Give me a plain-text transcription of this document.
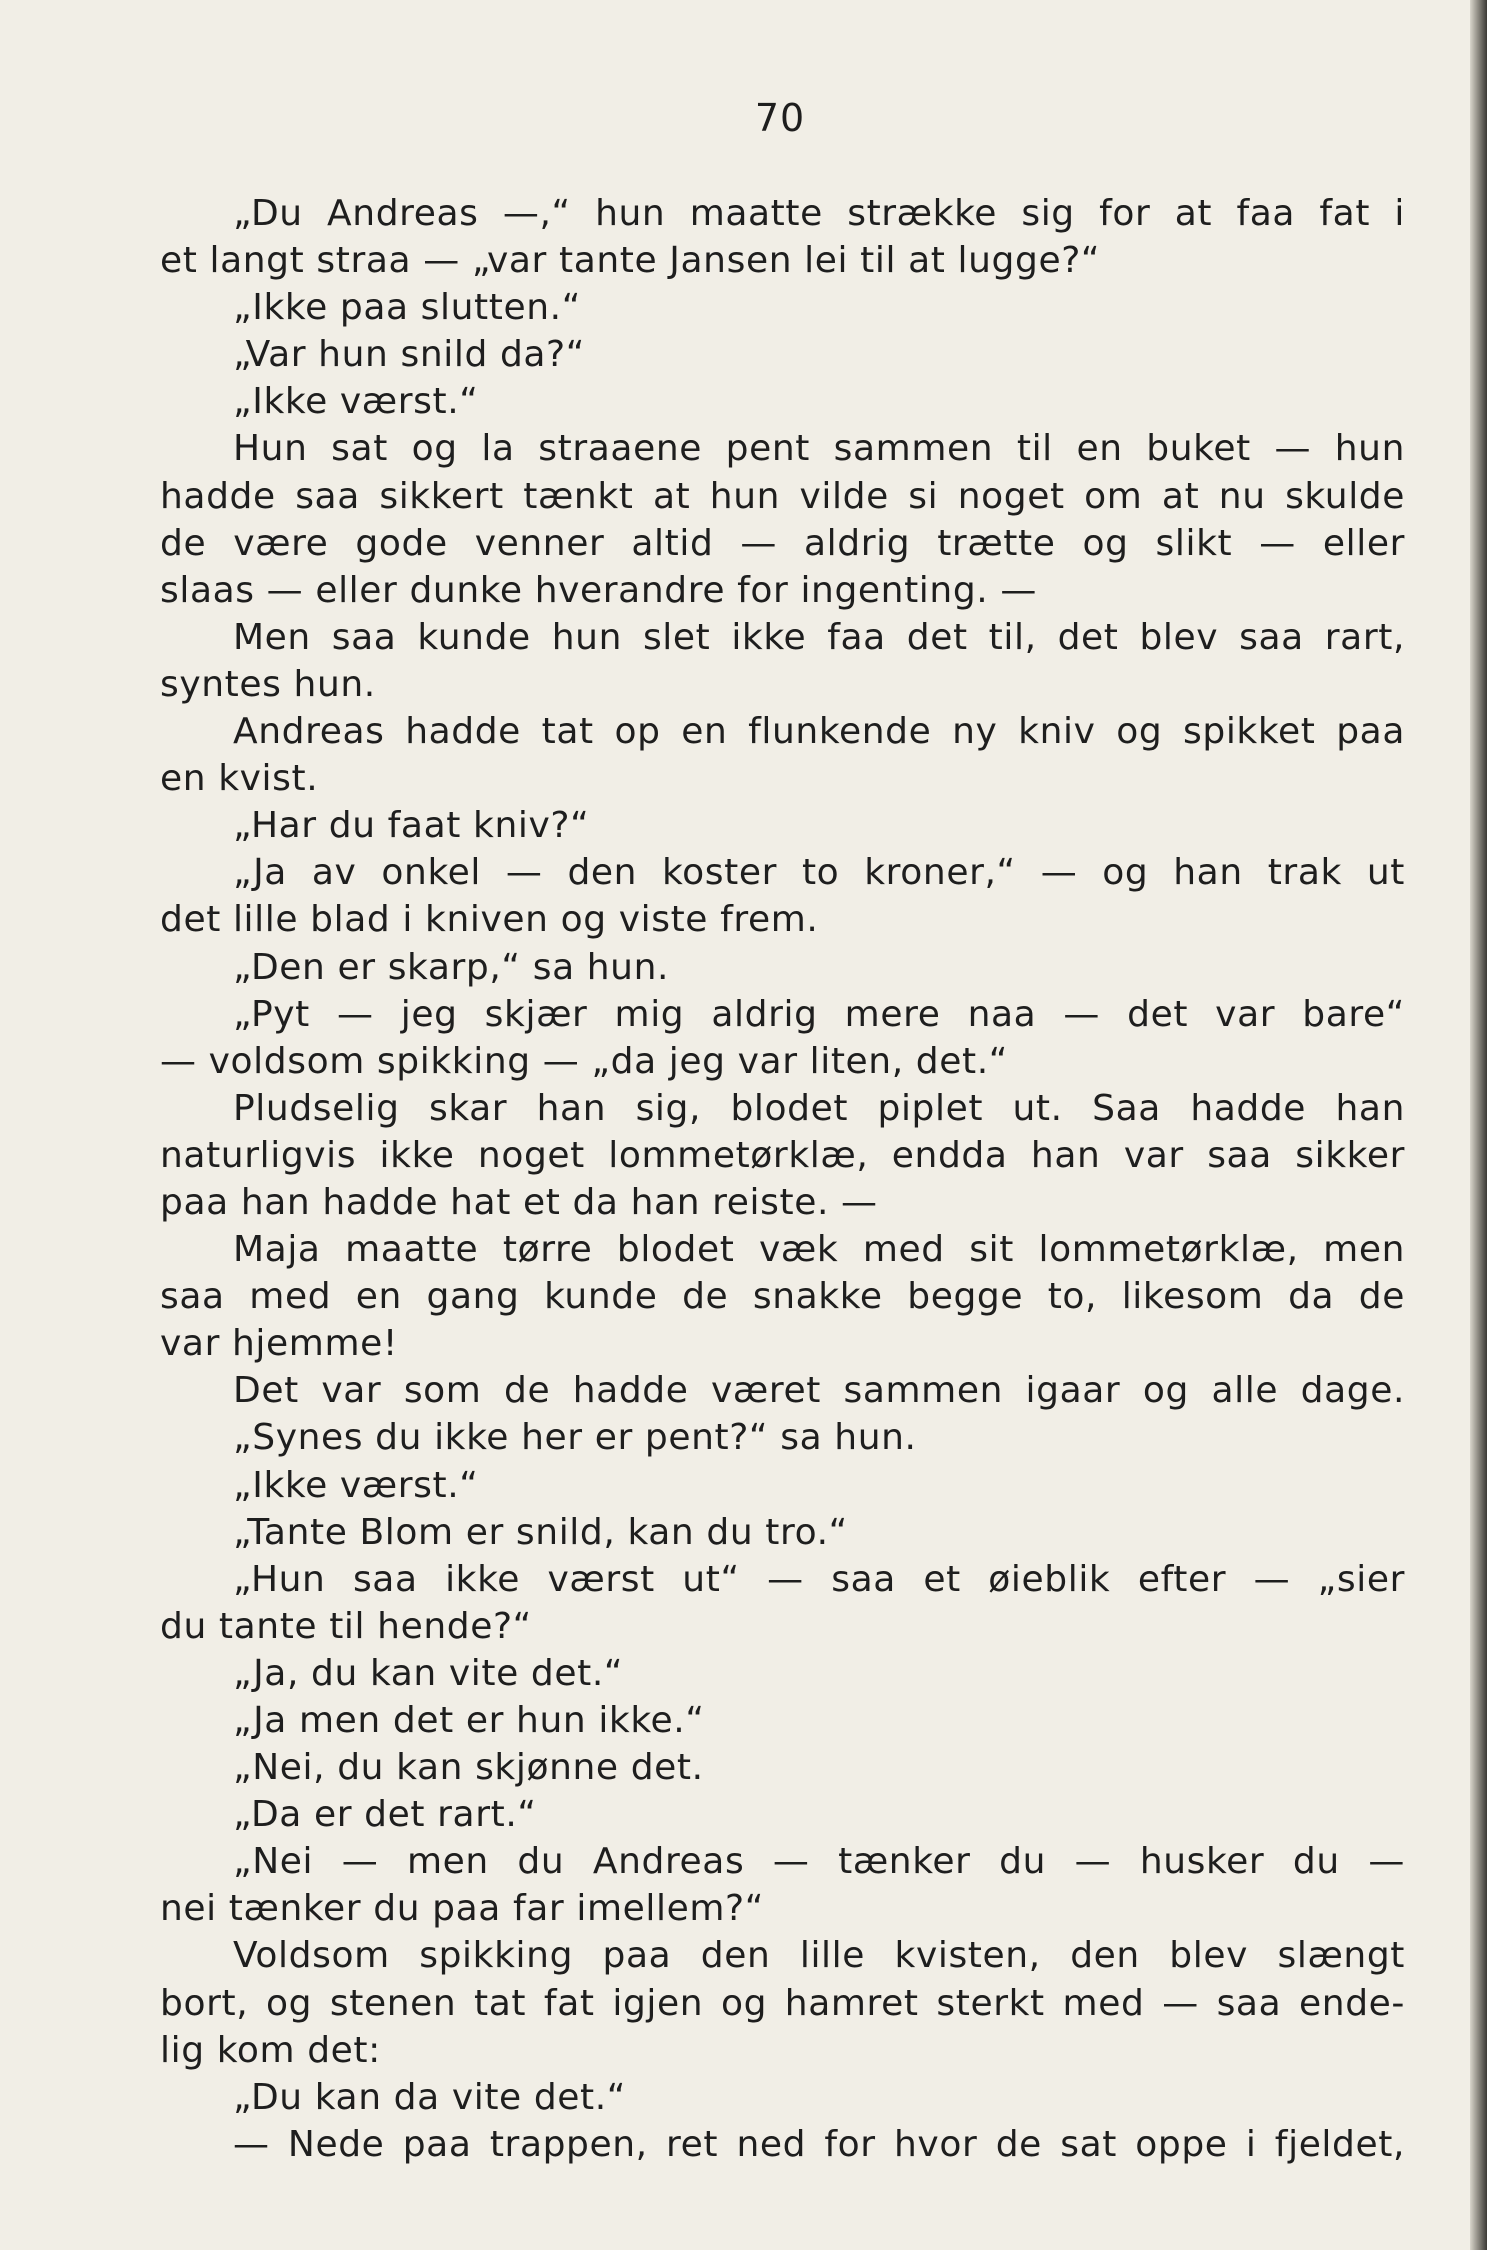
70
„Du Andreas —,“ hun maatte strække sig for at faa fat i
et langt straa — „var tante Jansen lei til at lugge?“
„Ikke paa slutten.“
„Var hun snild da?“
„Ikke værst.“
Hun sat og la straaene pent sammen til en buket — hun
hadde saa sikkert tænkt at hun vilde si noget om at nu skulde
de være gode venner altid — aldrig trætte og slikt — eller
slaas — eller dunke hverandre for ingenting. —
Men saa kunde hun slet ikke faa det til, det blev saa rart,
syntes hun.
Andreas hadde tat op en flunkende ny kniv og spikket paa
en kvist.
„Har du faat kniv?“
„Ja av onkel — den koster to kroner,“ — og han trak ut
det lille blad i kniven og viste frem.
„Den er skarp,“ sa hun.
„Pyt — jeg skjær mig aldrig mere naa — det var bare“
— voldsom spikking — „da jeg var liten, det.“
Pludselig skar han sig, blodet piplet ut. Saa hadde han
naturligvis ikke noget lommetørklæ, endda han var saa sikker
paa han hadde hat et da han reiste. —
Maja maatte tørre blodet væk med sit lommetørklæ, men
saa med en gang kunde de snakke begge to, likesom da de
var hjemme!
Det var som de hadde været sammen igaar og alle dage.
„Synes du ikke her er pent?“ sa hun.
„Ikke værst.“
„Tante Blom er snild, kan du tro.“
„Hun saa ikke værst ut“ — saa et øieblik efter — „sier
du tante til hende?“
„Ja, du kan vite det.“
„Ja men det er hun ikke.“
„Nei, du kan skjønne det.
„Da er det rart.“
„Nei — men du Andreas — tænker du — husker du —
nei tænker du paa far imellem?“
Voldsom spikking paa den lille kvisten, den blev slængt
bort, og stenen tat fat igjen og hamret sterkt med — saa ende-
lig kom det:
„Du kan da vite det.“
— Nede paa trappen, ret ned for hvor de sat oppe i fjeldet,
